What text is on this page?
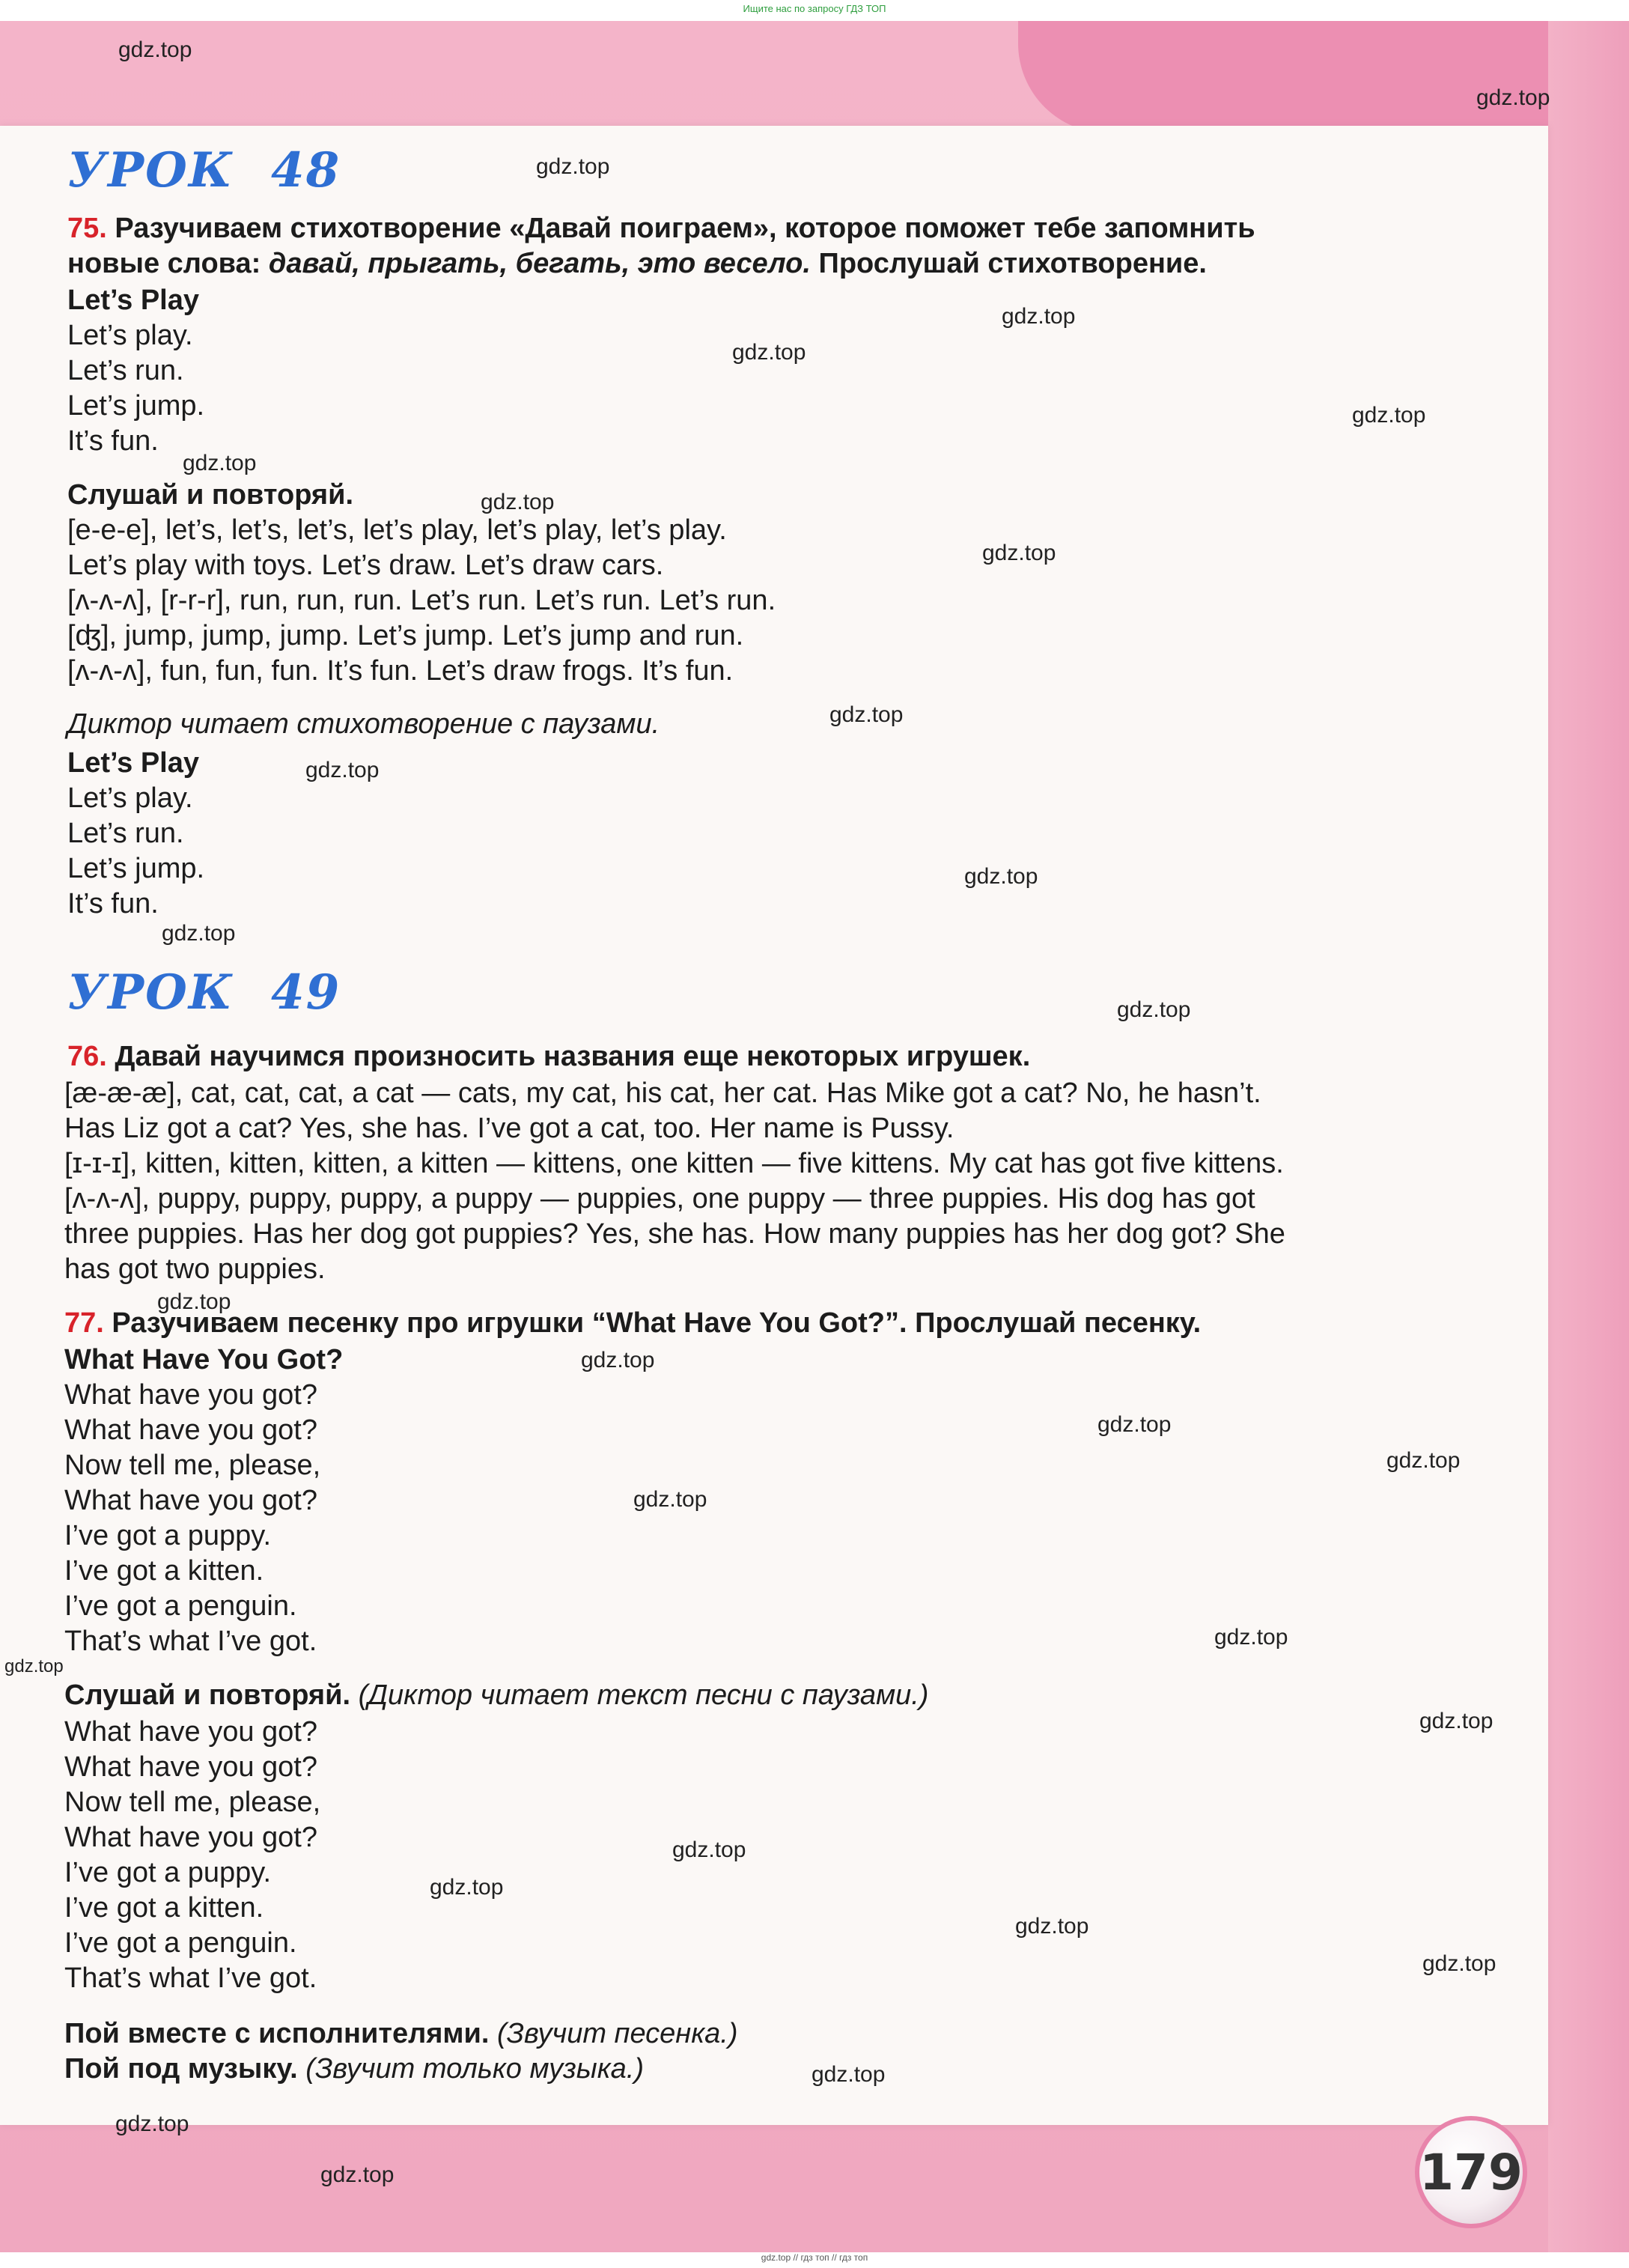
Ищите нас по запросу ГДЗ ТОП

УРОК 48
75. Разучиваем стихотворение «Давай поиграем», которое поможет тебе запомнить
новые слова: давай, прыгать, бегать, это весело. Прослушай стихотворение.
Let’s Play
Let’s play.
Let’s run.
Let’s jump.
It’s fun.
Слушай и повторяй.
[e-e-e], let’s, let’s, let’s, let’s play, let’s play, let’s play.
Let’s play with toys. Let’s draw. Let’s draw cars.
[ʌ-ʌ-ʌ], [r-r-r], run, run, run. Let’s run. Let’s run. Let’s run.
[ʤ], jump, jump, jump. Let’s jump. Let’s jump and run.
[ʌ-ʌ-ʌ], fun, fun, fun. It’s fun. Let’s draw frogs. It’s fun.
Диктор читает стихотворение с паузами.
Let’s Play
Let’s play.
Let’s run.
Let’s jump.
It’s fun.
УРОК 49
76. Давай научимся произносить названия еще некоторых игрушек.
[æ-æ-æ], cat, cat, cat, a cat — cats, my cat, his cat, her cat. Has Mike got a cat? No, he hasn’t.
Has Liz got a cat? Yes, she has. I’ve got a cat, too. Her name is Pussy.
[ɪ-ɪ-ɪ], kitten, kitten, kitten, a kitten — kittens, one kitten — five kittens. My cat has got five kittens.
[ʌ-ʌ-ʌ], puppy, puppy, puppy, a puppy — puppies, one puppy — three puppies. His dog has got
three puppies. Has her dog got puppies? Yes, she has. How many puppies has her dog got? She
has got two puppies.
77. Разучиваем песенку про игрушки “What Have You Got?”. Прослушай песенку.
What Have You Got?
What have you got?
What have you got?
Now tell me, please,
What have you got?
I’ve got a puppy.
I’ve got a kitten.
I’ve got a penguin.
That’s what I’ve got.
Слушай и повторяй. (Диктор читает текст песни с паузами.)
What have you got?
What have you got?
Now tell me, please,
What have you got?
I’ve got a puppy.
I’ve got a kitten.
I’ve got a penguin.
That’s what I’ve got.
Пой вместе с исполнителями. (Звучит песенка.)
Пой под музыку. (Звучит только музыка.)
gdz.top
gdz.top
gdz.top
gdz.top
gdz.top
gdz.top
gdz.top
gdz.top
gdz.top
gdz.top
gdz.top
gdz.top
gdz.top
gdz.top
gdz.top
gdz.top
gdz.top
gdz.top
gdz.top
gdz.top
gdz.top
gdz.top
gdz.top
gdz.top
gdz.top
gdz.top
gdz.top
gdz.top
gdz.top	179
gdz.top // гдз топ // гдз топ
